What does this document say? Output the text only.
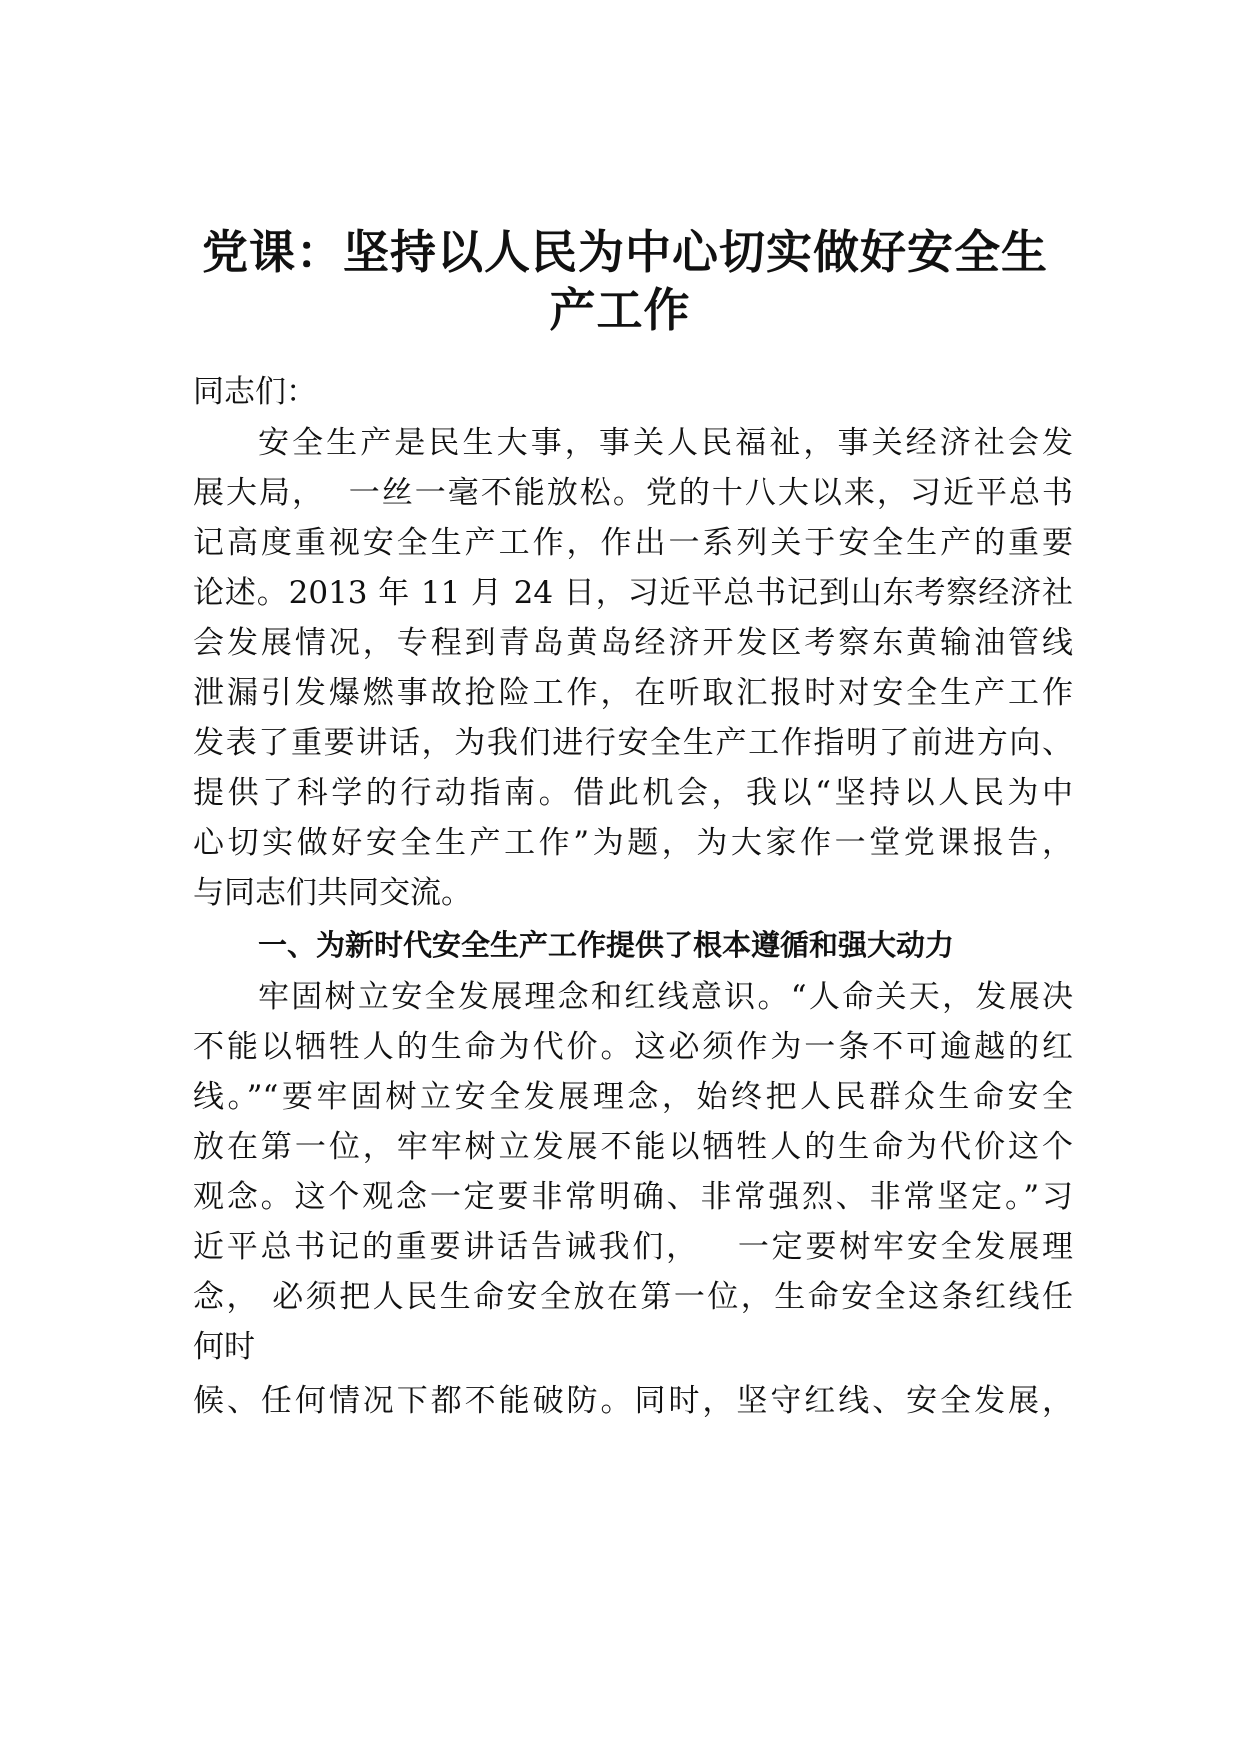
党课：坚持以人民为中心切实做好安全生
产工作
同志们：
安全生产是民生大事，事关人民福祉，事关经济社会发
展大局，  一丝一毫不能放松。党的十八大以来，习近平总书
记高度重视安全生产工作，作出一系列关于安全生产的重要
论述。2013 年 11 月 24 日，习近平总书记到山东考察经济社
会发展情况，专程到青岛黄岛经济开发区考察东黄输油管线
泄漏引发爆燃事故抢险工作，在听取汇报时对安全生产工作
发表了重要讲话，为我们进行安全生产工作指明了前进方向、
提供了科学的行动指南。借此机会，我以“坚持以人民为中
心切实做好安全生产工作”为题，为大家作一堂党课报告，
与同志们共同交流。
一、为新时代安全生产工作提供了根本遵循和强大动力
牢固树立安全发展理念和红线意识。“人命关天，发展决
不能以牺牲人的生命为代价。这必须作为一条不可逾越的红
线。”“要牢固树立安全发展理念，始终把人民群众生命安全
放在第一位，牢牢树立发展不能以牺牲人的生命为代价这个
观念。这个观念一定要非常明确、非常强烈、非常坚定。”习
近平总书记的重要讲话告诫我们，   一定要树牢安全发展理
念， 必须把人民生命安全放在第一位，生命安全这条红线任
何时
候、任何情况下都不能破防。同时，坚守红线、安全发展，
